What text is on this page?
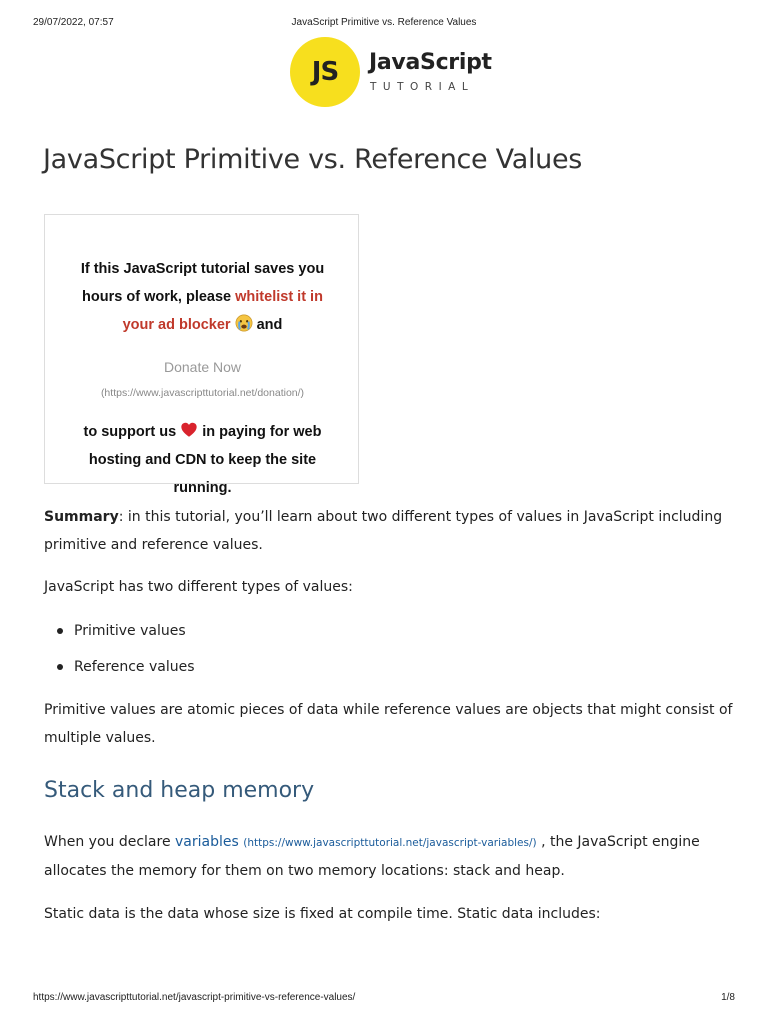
29/07/2022, 07:57	JavaScript Primitive vs. Reference Values
JS	JavaScript
TUTORIAL
JavaScript Primitive vs. Reference Values
If this JavaScript tutorial saves you hours of work, please whitelist it in your ad blocker  and
Donate Now
(https://www.javascripttutorial.net/donation/)
to support us  in paying for web hosting and CDN to keep the site running.

Summary: in this tutorial, you’ll learn about two different types of values in JavaScript including primitive and reference values.

JavaScript has two different types of values:

Primitive values
Reference values

Primitive values are atomic pieces of data while reference values are objects that might consist of multiple values.

Stack and heap memory

When you declare variables (https://www.javascripttutorial.net/javascript-variables/) , the JavaScript engine allocates the memory for them on two memory locations: stack and heap.

Static data is the data whose size is fixed at compile time. Static data includes:

https://www.javascripttutorial.net/javascript-primitive-vs-reference-values/	1/8
